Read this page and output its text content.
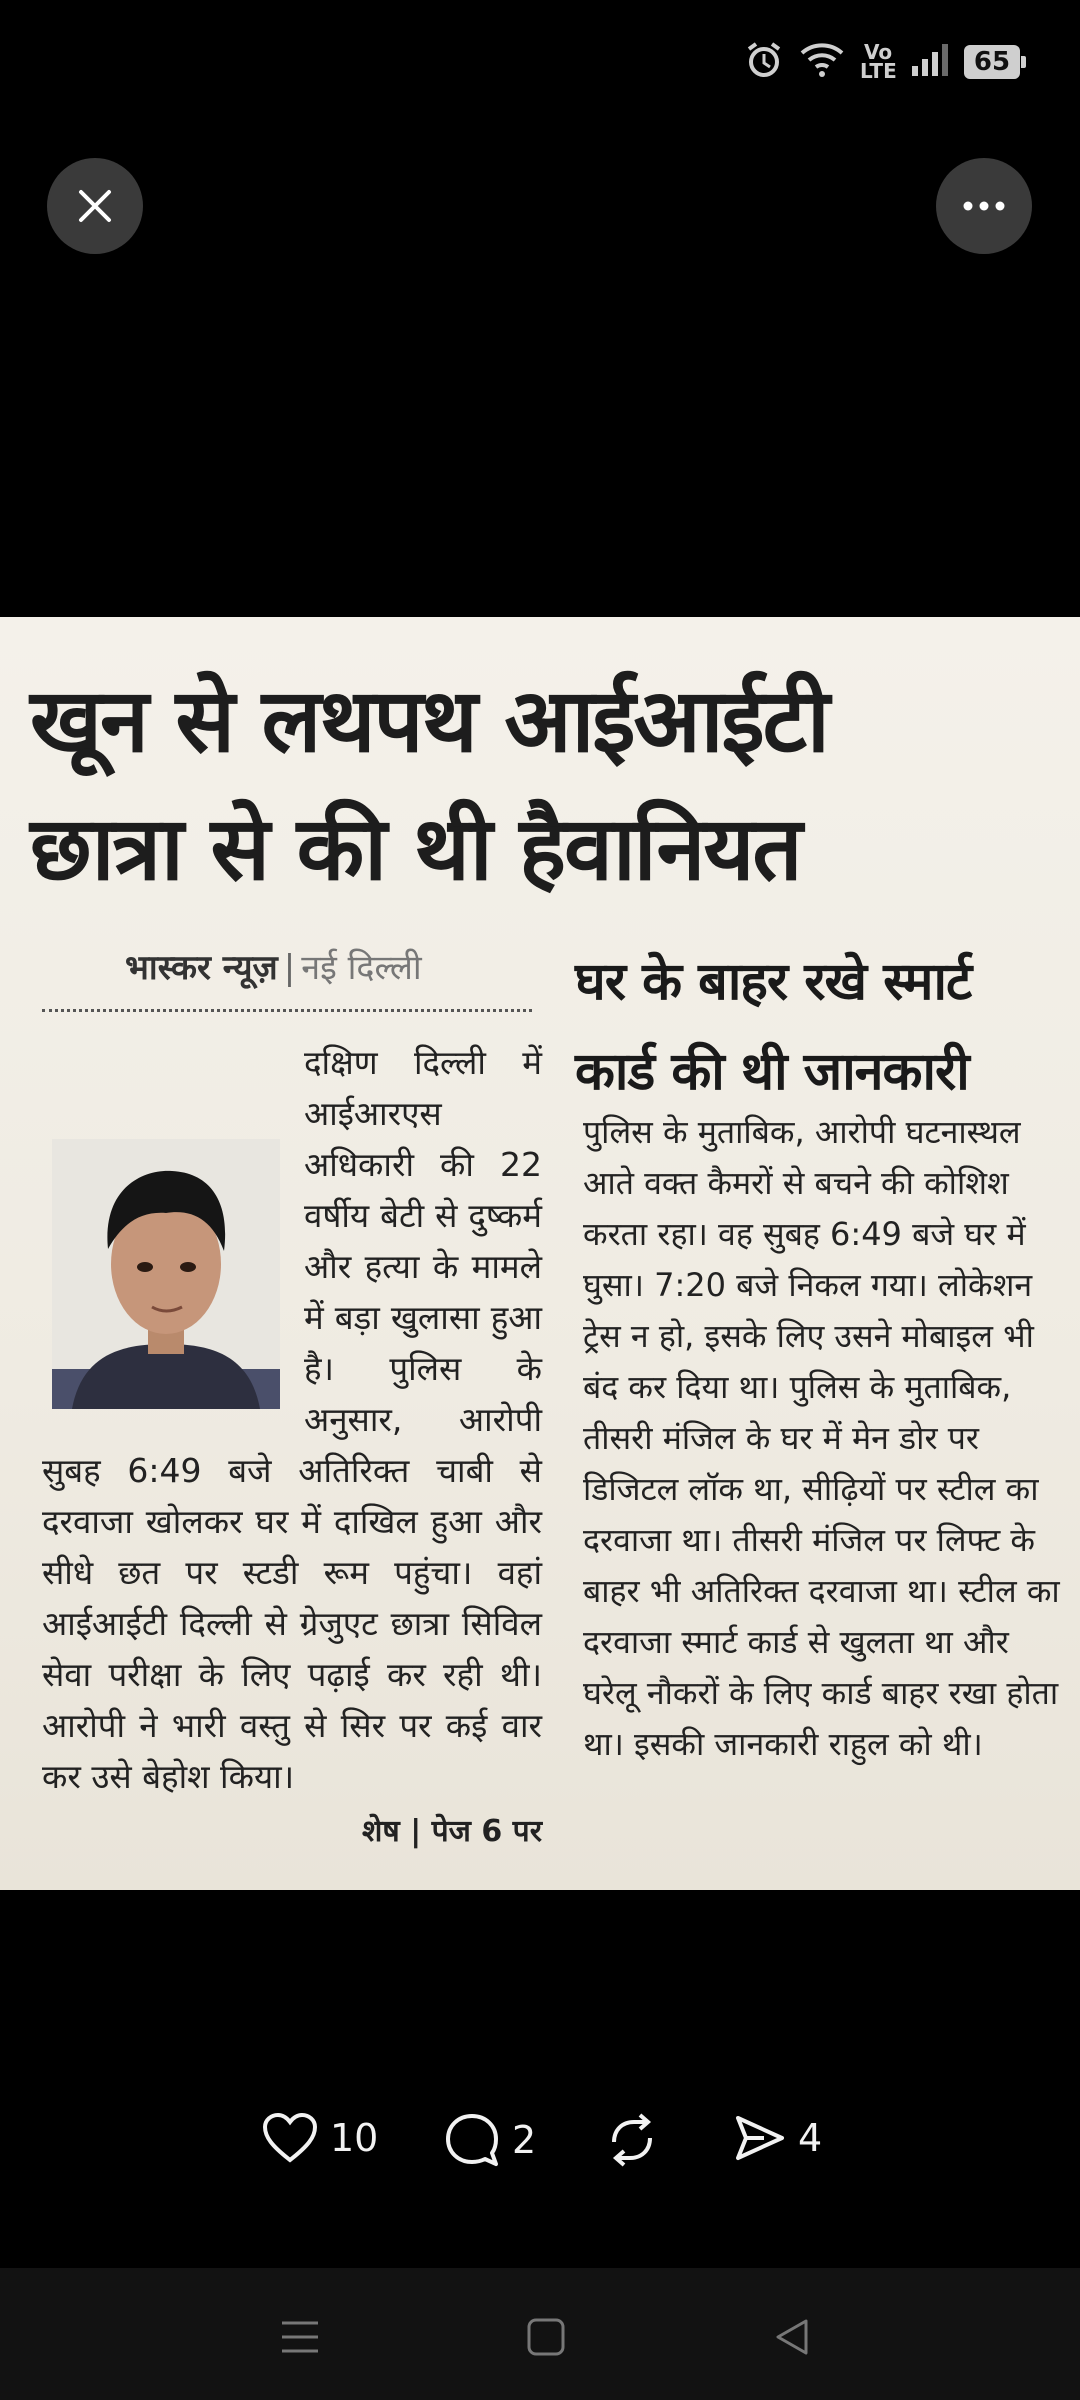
Vo LTE	65
खून से लथपथ आईआईटी
छात्रा से की थी हैवानियत
भास्कर न्यूज़ | नई दिल्ली	घर के बाहर रखे स्मार्ट
कार्ड की थी जानकारी
दक्षिण दिल्ली में आईआरएस अधिकारी की 22 वर्षीय बेटी से दुष्कर्म और हत्या के मामले में बड़ा खुलासा हुआ है। पुलिस के अनुसार, आरोपी सुबह 6:49 बजे अतिरिक्त चाबी से दरवाजा खोलकर घर में दाखिल हुआ और सीधे छत पर स्टडी रूम पहुंचा। वहां आईआईटी दिल्ली से ग्रेजुएट छात्रा सिविल सेवा परीक्षा के लिए पढ़ाई कर रही थी। आरोपी ने भारी वस्तु से सिर पर कई वार कर उसे बेहोश किया।
शेष | पेज 6 पर
पुलिस के मुताबिक, आरोपी घटनास्थल आते वक्त कैमरों से बचने की कोशिश करता रहा। वह सुबह 6:49 बजे घर में घुसा। 7:20 बजे निकल गया। लोकेशन ट्रेस न हो, इसके लिए उसने मोबाइल भी बंद कर दिया था। पुलिस के मुताबिक, तीसरी मंजिल के घर में मेन डोर पर डिजिटल लॉक था, सीढ़ियों पर स्टील का दरवाजा था। तीसरी मंजिल पर लिफ्ट के बाहर भी अतिरिक्त दरवाजा था। स्टील का दरवाजा स्मार्ट कार्ड से खुलता था और घरेलू नौकरों के लिए कार्ड बाहर रखा होता था। इसकी जानकारी राहुल को थी।
10	2	4
